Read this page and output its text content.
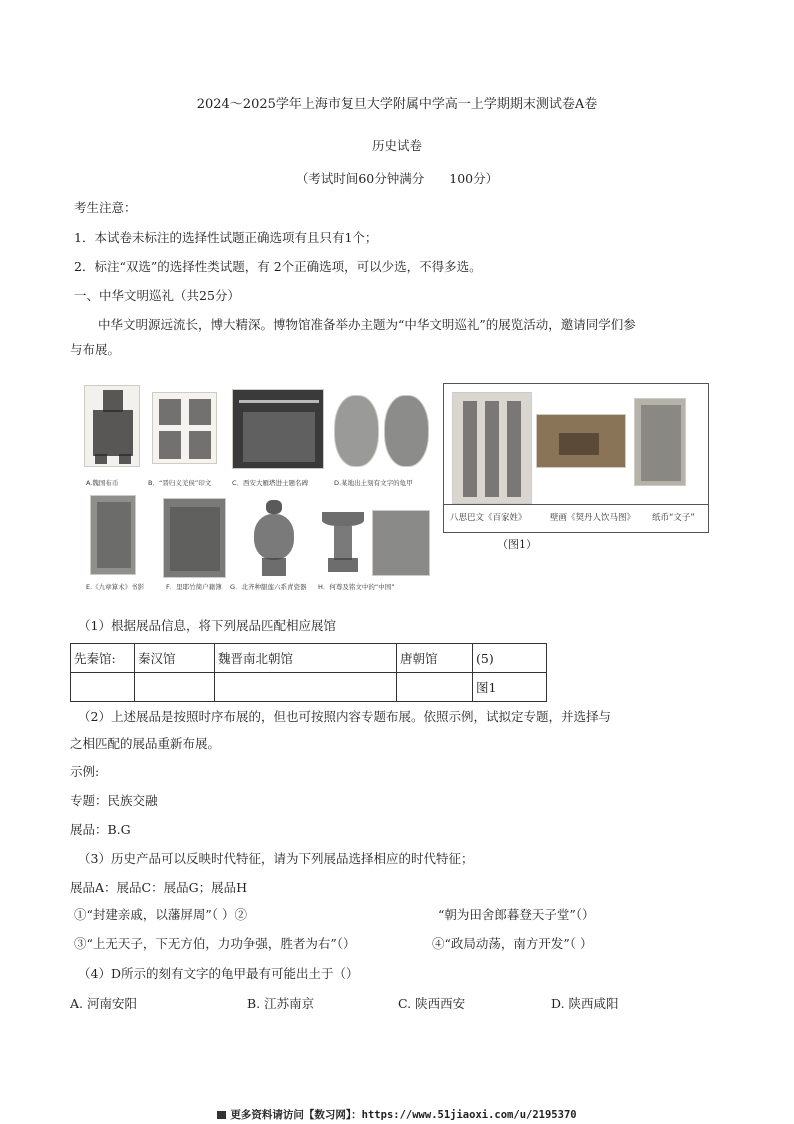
2024～2025学年上海市复旦大学附属中学高一上学期期末测试卷A卷
历史试卷
（考试时间60分钟满分　　100分）
考生注意：
1．本试卷未标注的选择性试题正确选项有且只有1个；
2．标注“双选”的选择性类试题，有 2个正确选项，可以少选，不得多选。
一、中华文明巡礼（共25分）
中华文明源远流长，博大精深。博物馆准备举办主题为“中华文明巡礼”的展览活动，邀请同学们参
与布展。
A.魏国布币	B．“晋归义羌侯”印文	C．西安大雁塔进士题名碑	D.某地出土刻有文字的龟甲
E.《九章算术》书影	F．里耶竹简户籍簿 G．北齐种龈莲六系青瓷器 H．何尊及铭文中的“中国”
八思巴文《百家姓》	壁画《契丹人饮马图》 纸币“文子”
（图1）
（1）根据展品信息，将下列展品匹配相应展馆
先秦馆:	秦汉馆	魏晋南北朝馆	唐朝馆	(5)
				图1
（2）上述展品是按照时序布展的，但也可按照内容专题布展。依照示例，试拟定专题，并选择与
之相匹配的展品重新布展。
示例:
专题：民族交融
展品：B.G
（3）历史产品可以反映时代特征，请为下列展品选择相应的时代特征；
展品A：展品C：展品G；展品H
①“封建亲戚，以藩屏周”（ ）②	“朝为田舍郎暮登天子堂”（）
③“上无天子，下无方伯，力功争强，胜者为右”（）	④“政局动荡，南方开发”（ ）
（4）D所示的刻有文字的龟甲最有可能出土于（）
A. 河南安阳	B. 江苏南京	C. 陕西西安	D. 陕西咸阳
更多资料请访问【数习网】：https://www.51jiaoxi.com/u/2195370
